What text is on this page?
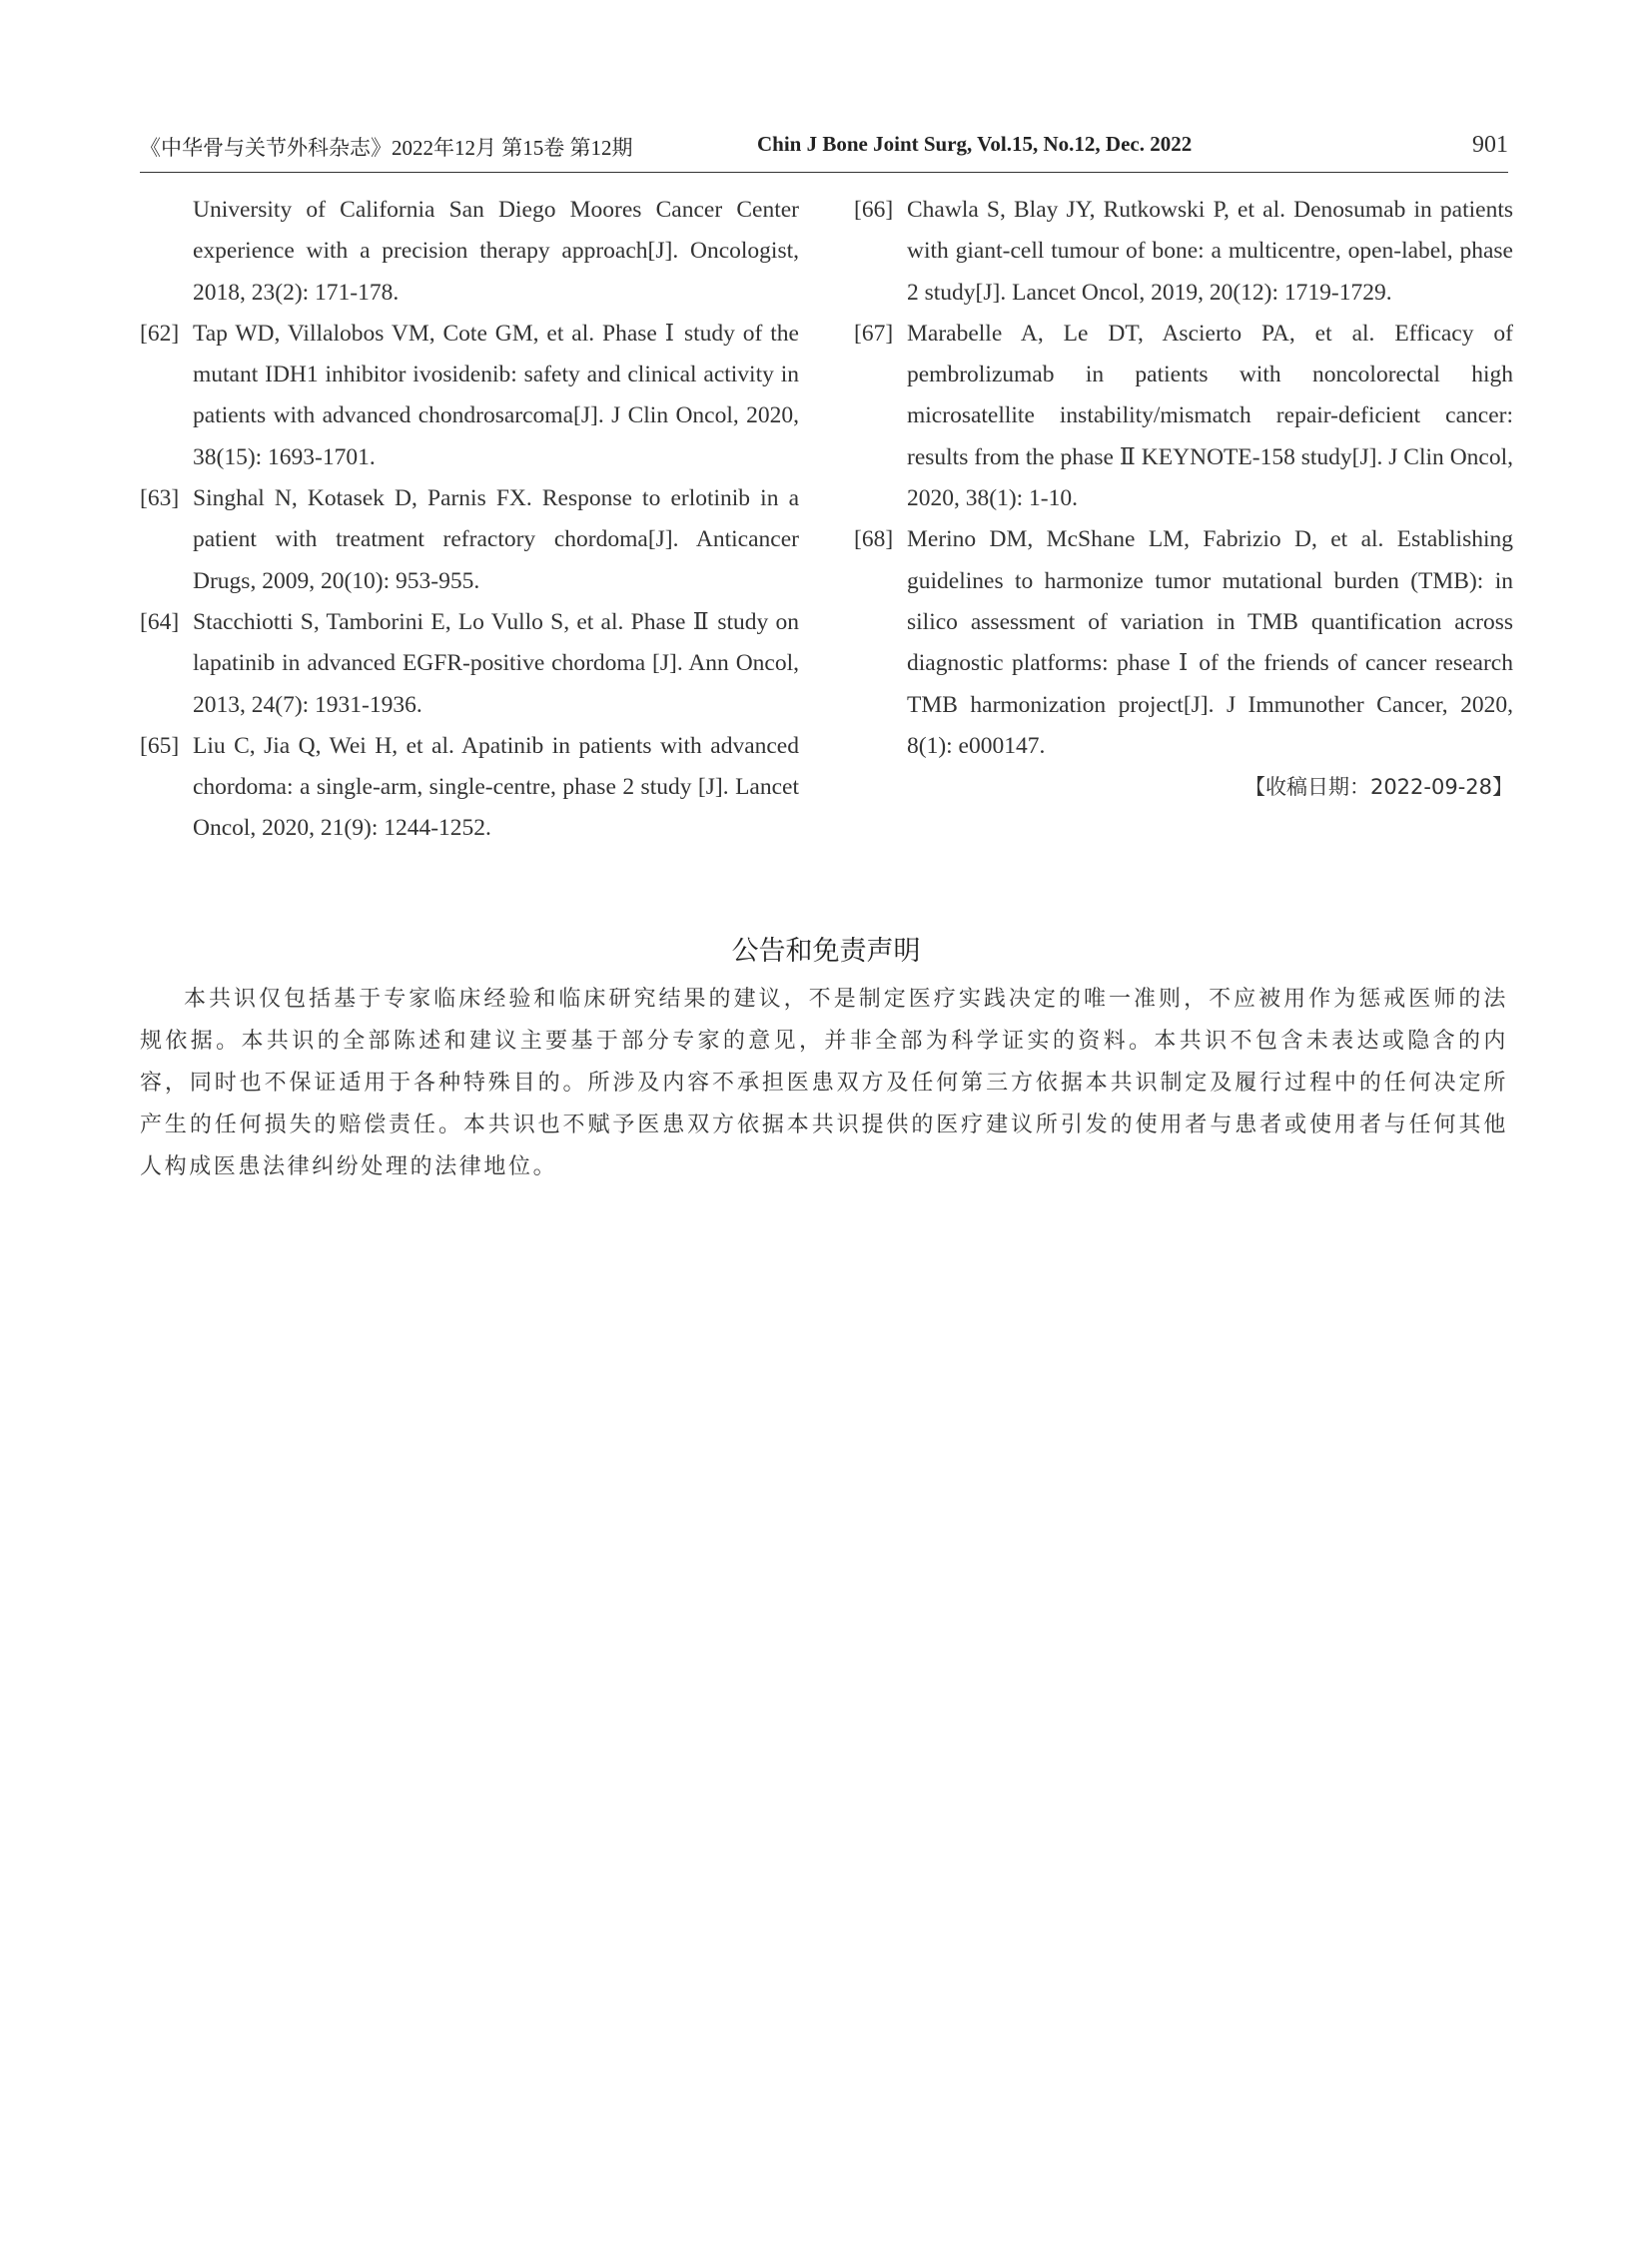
《中华骨与关节外科杂志》2022年12月 第15卷 第12期	Chin J Bone Joint Surg, Vol.15, No.12, Dec. 2022	901
University of California San Diego Moores Cancer Center experience with a precision therapy approach[J]. Oncologist, 2018, 23(2): 171-178.
[62] Tap WD, Villalobos VM, Cote GM, et al. Phase Ⅰ study of the mutant IDH1 inhibitor ivosidenib: safety and clinical activity in patients with advanced chondrosarcoma[J]. J Clin Oncol, 2020, 38(15): 1693-1701.
[63] Singhal N, Kotasek D, Parnis FX. Response to erlotinib in a patient with treatment refractory chordoma[J]. Anticancer Drugs, 2009, 20(10): 953-955.
[64] Stacchiotti S, Tamborini E, Lo Vullo S, et al. Phase Ⅱ study on lapatinib in advanced EGFR-positive chordoma [J]. Ann Oncol, 2013, 24(7): 1931-1936.
[65] Liu C, Jia Q, Wei H, et al. Apatinib in patients with advanced chordoma: a single-arm, single-centre, phase 2 study [J]. Lancet Oncol, 2020, 21(9): 1244-1252.
[66] Chawla S, Blay JY, Rutkowski P, et al. Denosumab in patients with giant-cell tumour of bone: a multicentre, open-label, phase 2 study[J]. Lancet Oncol, 2019, 20(12): 1719-1729.
[67] Marabelle A, Le DT, Ascierto PA, et al. Efficacy of pembrolizumab in patients with noncolorectal high microsatellite instability/mismatch repair-deficient cancer: results from the phase Ⅱ KEYNOTE-158 study[J]. J Clin Oncol, 2020, 38(1): 1-10.
[68] Merino DM, McShane LM, Fabrizio D, et al. Establishing guidelines to harmonize tumor mutational burden (TMB): in silico assessment of variation in TMB quantification across diagnostic platforms: phase Ⅰ of the friends of cancer research TMB harmonization project[J]. J Immunother Cancer, 2020, 8(1): e000147.
【收稿日期：2022-09-28】
公告和免责声明
本共识仅包括基于专家临床经验和临床研究结果的建议，不是制定医疗实践决定的唯一准则，不应被用作为惩戒医师的法规依据。本共识的全部陈述和建议主要基于部分专家的意见，并非全部为科学证实的资料。本共识不包含未表达或隐含的内容，同时也不保证适用于各种特殊目的。所涉及内容不承担医患双方及任何第三方依据本共识制定及履行过程中的任何决定所产生的任何损失的赔偿责任。本共识也不赋予医患双方依据本共识提供的医疗建议所引发的使用者与患者或使用者与任何其他人构成医患法律纠纷处理的法律地位。
